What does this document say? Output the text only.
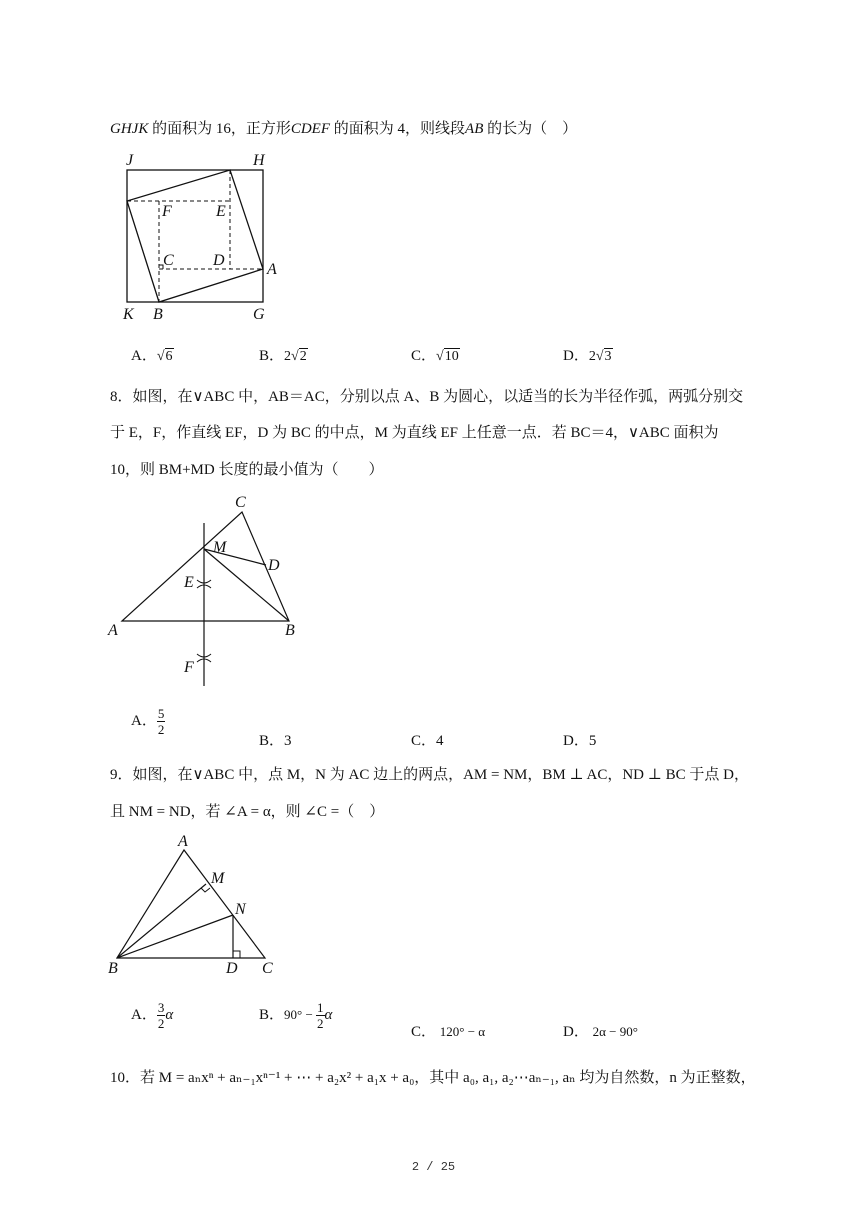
GHJK 的面积为 16，正方形CDEF 的面积为 4，则线段AB 的长为（　）
J	H
F	E
C D
A
K B	G
A．√6	B．2√2	C．√10	D．2√3
8．如图，在∨ABC 中，AB＝AC，分别以点 A、B 为圆心，以适当的长为半径作弧，两弧分别交
于 E，F，作直线 EF，D 为 BC 的中点，M 为直线 EF 上任意一点．若 BC＝4，∨ABC 面积为
10，则 BM+MD 长度的最小值为（　　）
C
M
D
E
A	B
F
A． $\frac{5}{2}$
B．3	C．4	D．5
9．如图，在∨ABC 中，点 M，N 为 AC 边上的两点，AM = NM，BM ⊥ AC，ND ⊥ BC 于点 D，
且 NM = ND，若 ∠A = α，则 ∠C =（　）
A
M
N
B	D C
A． $\frac{3}{2}$ α	B．$90^\circ - \frac{1}{2}$ α
C． 120° − α	D． 2α − 90°
10．若 M = aₙxⁿ + aₙ₋₁xⁿ⁻¹ + ⋯ + a₂x² + a₁x + a₀，其中 a₀, a₁, a₂⋯aₙ₋₁, aₙ 均为自然数，n 为正整数，
2 / 25
